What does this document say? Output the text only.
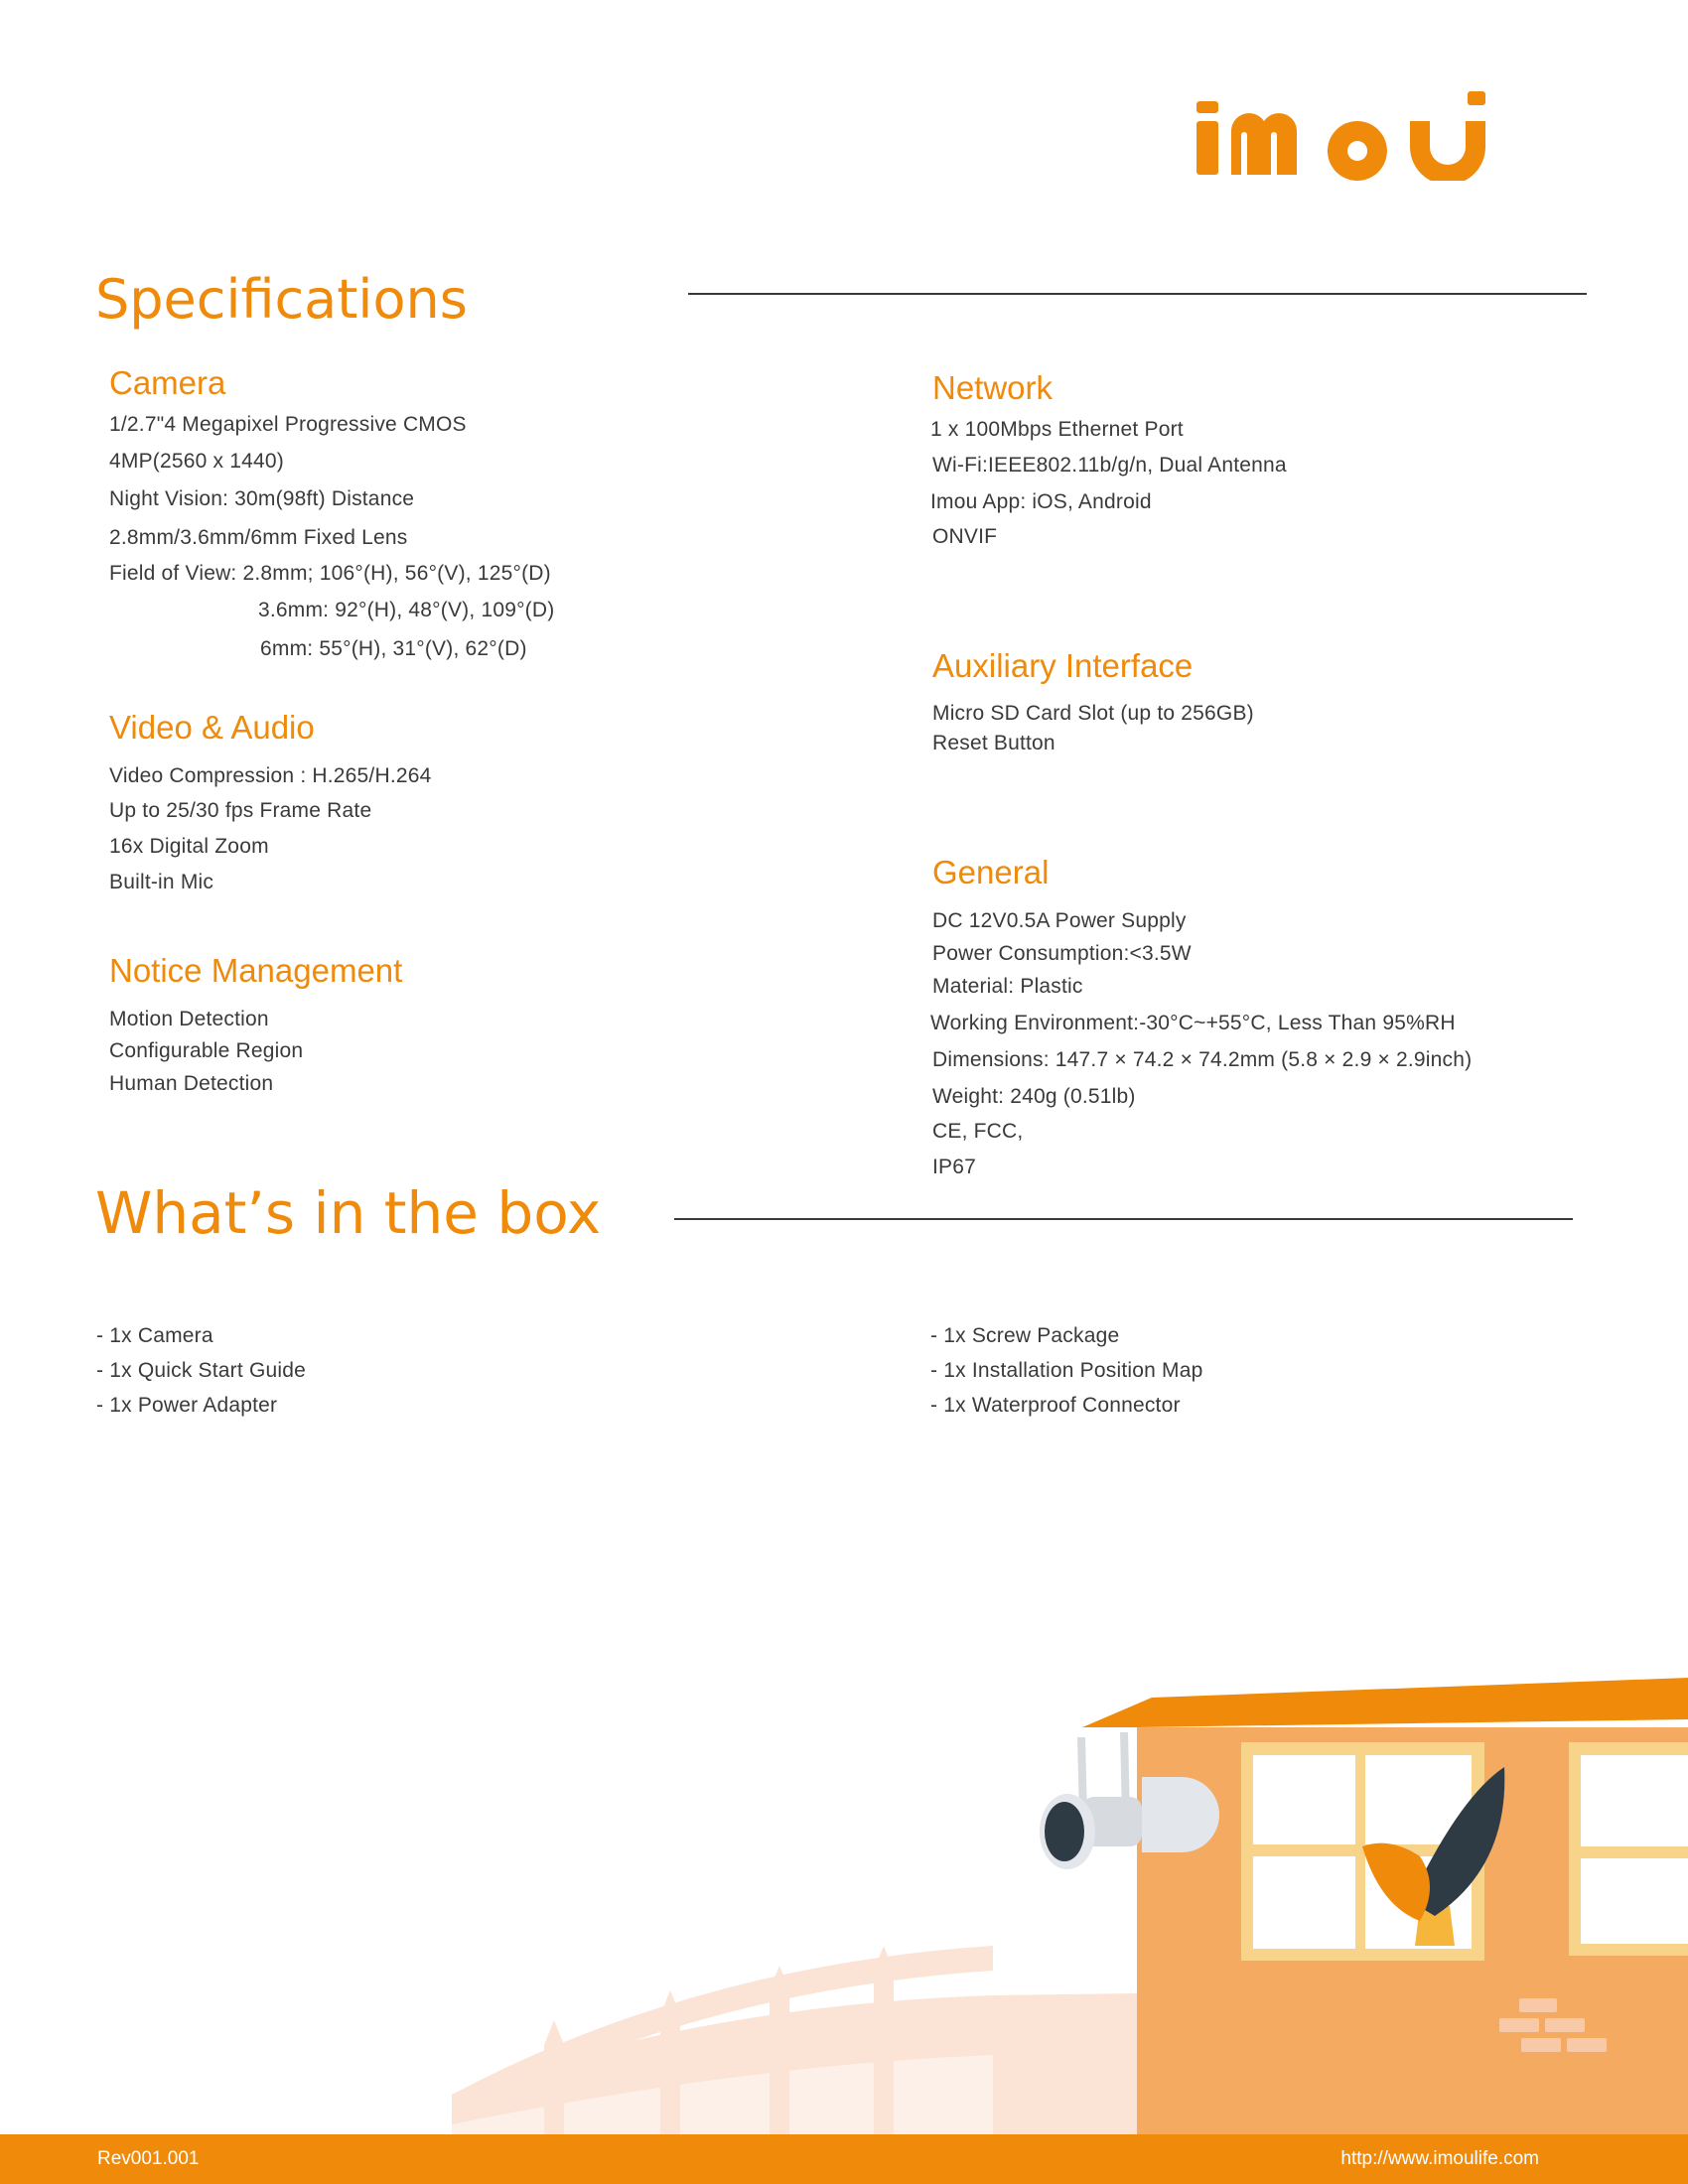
Specifications
Camera
1/2.7"4 Megapixel Progressive CMOS
4MP(2560 x 1440)
Night Vision: 30m(98ft) Distance
2.8mm/3.6mm/6mm Fixed Lens
Field of View: 2.8mm; 106°(H), 56°(V), 125°(D)
3.6mm: 92°(H), 48°(V), 109°(D)
6mm: 55°(H), 31°(V), 62°(D)
Video & Audio
Video Compression : H.265/H.264
Up to 25/30 fps Frame Rate
16x Digital Zoom
Built-in Mic
Notice Management
Motion Detection
Configurable Region
Human Detection
Network
1 x 100Mbps Ethernet Port
Wi-Fi:IEEE802.11b/g/n, Dual Antenna
Imou App: iOS, Android
ONVIF
Auxiliary Interface
Micro SD Card Slot (up to 256GB)
Reset Button
General
DC 12V0.5A Power Supply
Power Consumption:<3.5W
Material: Plastic
Working Environment:-30°C~+55°C, Less Than 95%RH
Dimensions: 147.7 × 74.2 × 74.2mm (5.8 × 2.9 × 2.9inch)
Weight: 240g (0.51lb)
CE, FCC,
IP67
What’s in the box
- 1x Camera
- 1x Quick Start Guide
- 1x Power Adapter
- 1x Screw Package
- 1x Installation Position Map
- 1x Waterproof Connector
Rev001.001	http://www.imoulife.com
